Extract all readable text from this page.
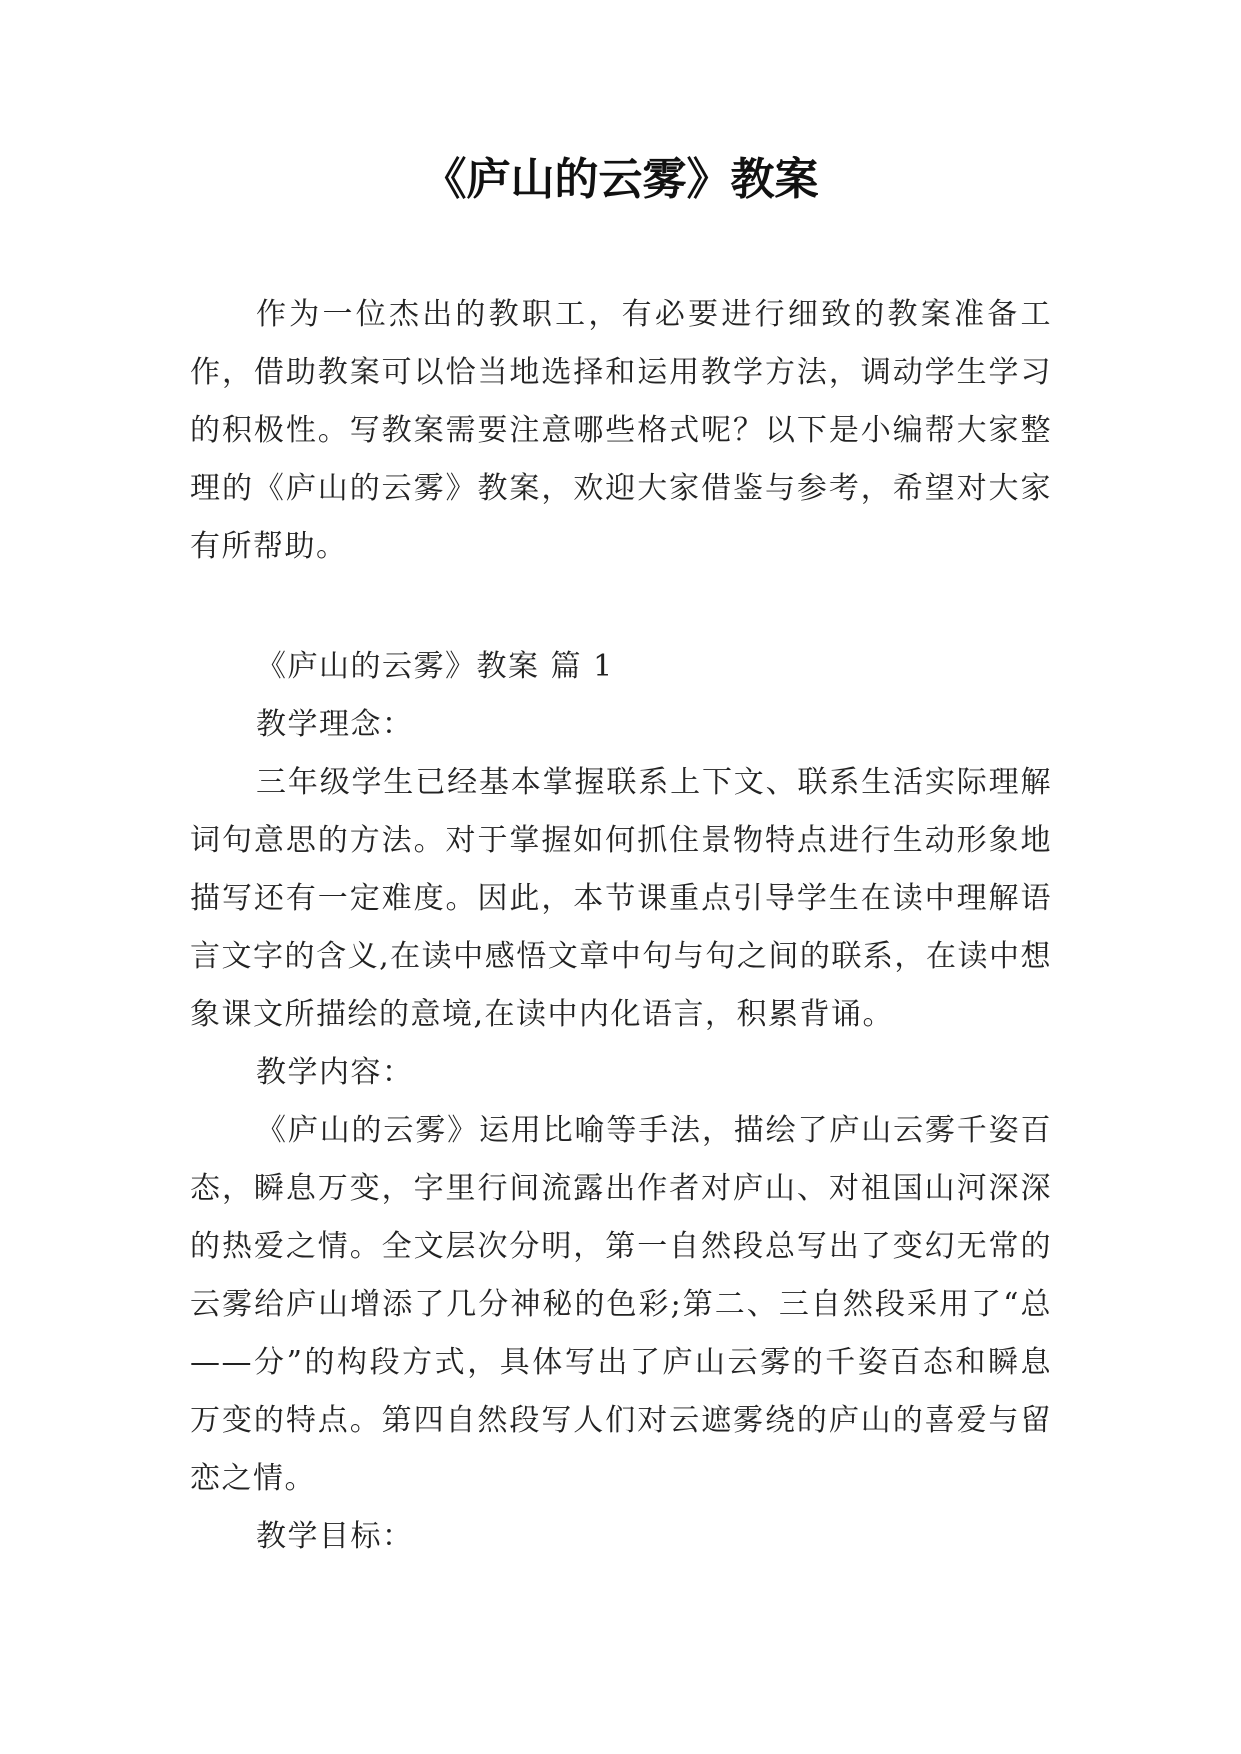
《庐山的云雾》教案

作为一位杰出的教职工，有必要进行细致的教案准备工作，借助教案可以恰当地选择和运用教学方法，调动学生学习的积极性。写教案需要注意哪些格式呢？以下是小编帮大家整理的《庐山的云雾》教案，欢迎大家借鉴与参考，希望对大家有所帮助。

《庐山的云雾》教案 篇 1

教学理念：

三年级学生已经基本掌握联系上下文、联系生活实际理解词句意思的方法。对于掌握如何抓住景物特点进行生动形象地描写还有一定难度。因此，本节课重点引导学生在读中理解语言文字的含义,在读中感悟文章中句与句之间的联系，在读中想象课文所描绘的意境,在读中内化语言，积累背诵。

教学内容：

《庐山的云雾》运用比喻等手法，描绘了庐山云雾千姿百态，瞬息万变，字里行间流露出作者对庐山、对祖国山河深深的热爱之情。全文层次分明，第一自然段总写出了变幻无常的云雾给庐山增添了几分神秘的色彩;第二、三自然段采用了“总——分”的构段方式，具体写出了庐山云雾的千姿百态和瞬息万变的特点。第四自然段写人们对云遮雾绕的庐山的喜爱与留恋之情。

教学目标：
